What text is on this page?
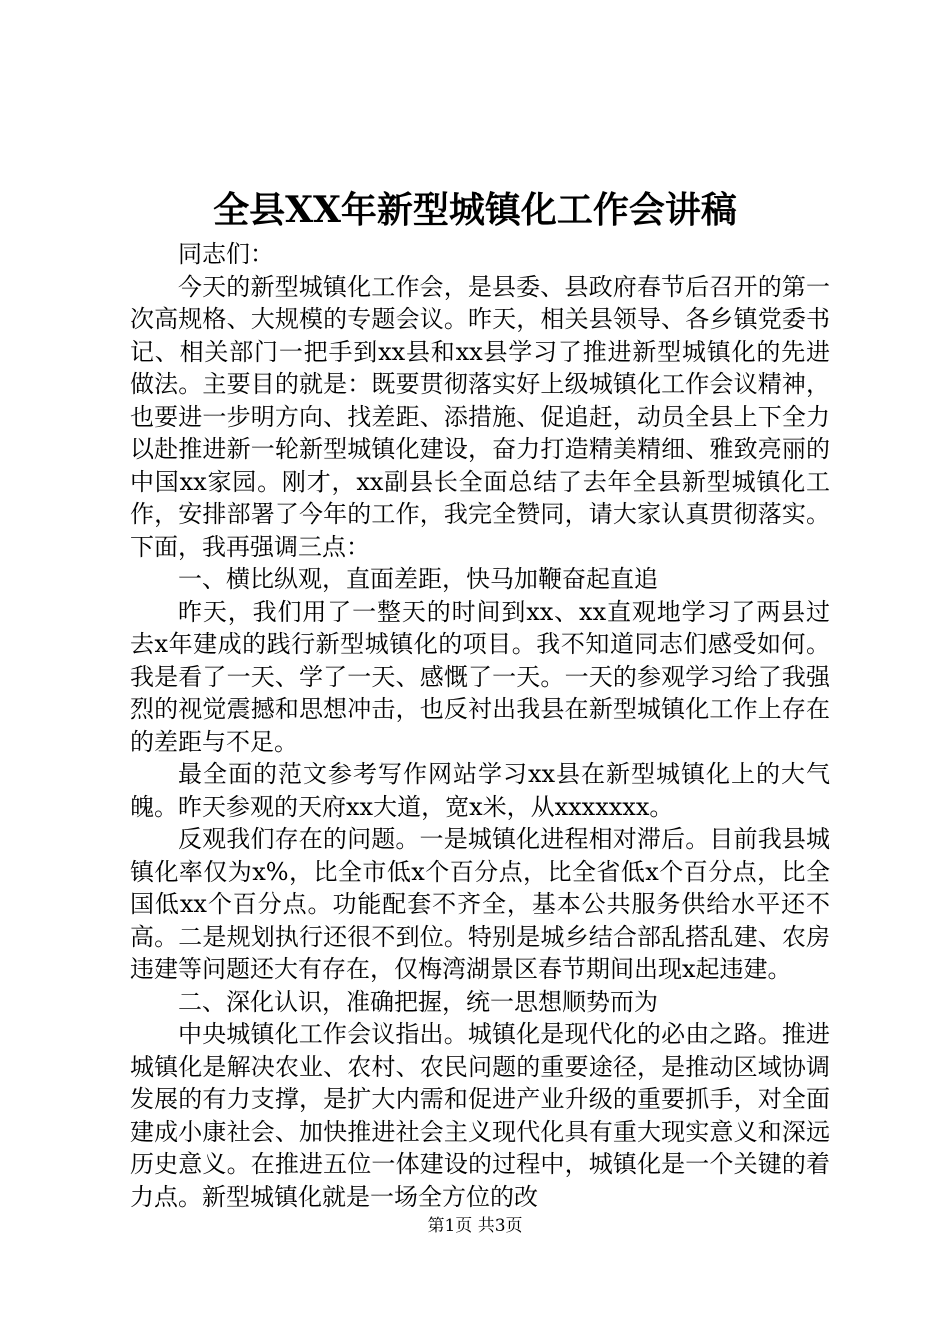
全县XX年新型城镇化工作会讲稿

同志们：

今天的新型城镇化工作会，是县委、县政府春节后召开的第一次高规格、大规模的专题会议。昨天，相关县领导、各乡镇党委书记、相关部门一把手到xx县和xx县学习了推进新型城镇化的先进做法。主要目的就是：既要贯彻落实好上级城镇化工作会议精神，也要进一步明方向、找差距、添措施、促追赶，动员全县上下全力以赴推进新一轮新型城镇化建设，奋力打造精美精细、雅致亮丽的中国xx家园。刚才，xx副县长全面总结了去年全县新型城镇化工作，安排部署了今年的工作，我完全赞同，请大家认真贯彻落实。下面，我再强调三点：

一、横比纵观，直面差距，快马加鞭奋起直追

昨天，我们用了一整天的时间到xx、xx直观地学习了两县过去x年建成的践行新型城镇化的项目。我不知道同志们感受如何。我是看了一天、学了一天、感慨了一天。一天的参观学习给了我强烈的视觉震撼和思想冲击，也反衬出我县在新型城镇化工作上存在的差距与不足。

最全面的范文参考写作网站学习xx县在新型城镇化上的大气魄。昨天参观的天府xx大道，宽x米，从xxxxxxx。

反观我们存在的问题。一是城镇化进程相对滞后。目前我县城镇化率仅为x%，比全市低x个百分点，比全省低x个百分点，比全国低xx个百分点。功能配套不齐全，基本公共服务供给水平还不高。二是规划执行还很不到位。特别是城乡结合部乱搭乱建、农房违建等问题还大有存在，仅梅湾湖景区春节期间出现x起违建。

二、深化认识，准确把握，统一思想顺势而为

中央城镇化工作会议指出。城镇化是现代化的必由之路。推进城镇化是解决农业、农村、农民问题的重要途径，是推动区域协调发展的有力支撑，是扩大内需和促进产业升级的重要抓手，对全面建成小康社会、加快推进社会主义现代化具有重大现实意义和深远历史意义。在推进五位一体建设的过程中，城镇化是一个关键的着力点。新型城镇化就是一场全方位的改

第1页 共3页
